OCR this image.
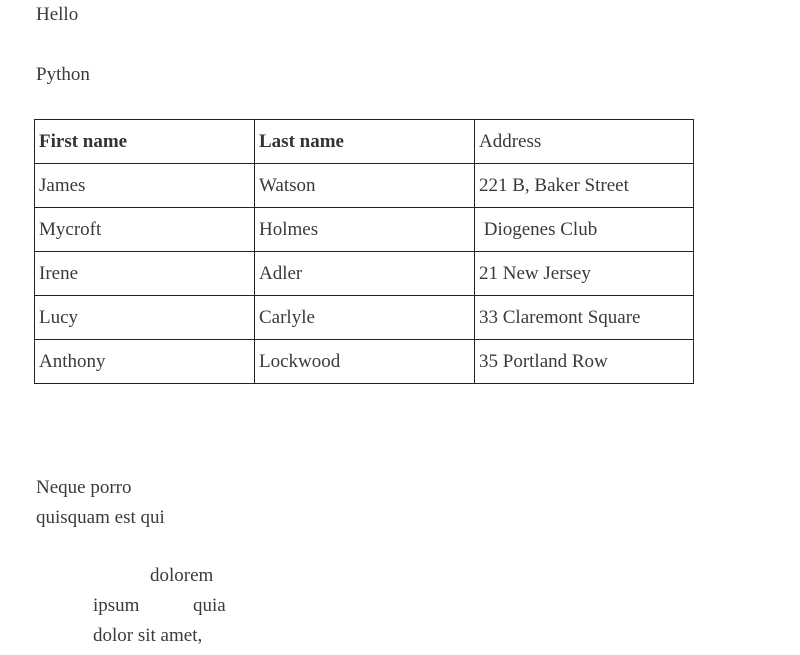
Hello
Python
First name	Last name	Address
James	Watson	221 B, Baker Street
Mycroft	Holmes	Diogenes Club
Irene	Adler	21 New Jersey
Lucy	Carlyle	33 Claremont Square
Anthony	Lockwood	35 Portland Row
Neque porro
quisquam est qui
dolorem
ipsum	quia
dolor sit amet,
